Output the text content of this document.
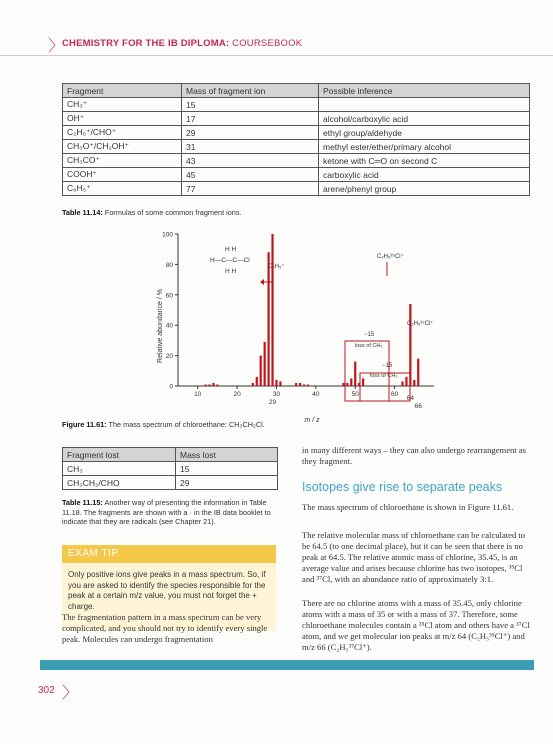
〉
CHEMISTRY FOR THE IB DIPLOMA: COURSEBOOK
Fragment	Mass of fragment ion	Possible inference
CH₃⁺	15	
OH⁺	17	alcohol/carboxylic acid
C₂H₅⁺/CHO⁺	29	ethyl group/aldehyde
CH₃O⁺/CH₂OH⁺	31	methyl ester/ether/primary alcohol
CH₃CO⁺	43	ketone with C═O on second C
COOH⁺	45	carboxylic acid
C₆H₅⁺	77	arene/phenyl group
Table 11.14: Formulas of some common fragment ions.
0
20
40
60
80
100
10	20	30	40	50	60
29
64
66
Relative abundance / %
m / z
H H
H—C—C—Cl
H H
C₂H₅⁺
C₂H₅³⁵Cl⁺
C₂H₅³⁷Cl⁺
−15
loss of CH₃
−15
loss of CH₃
Figure 11.61: The mass spectrum of chloroethane: CH₃CH₂Cl.
Fragment lost	Mass lost
CH₃	15
CH₃CH₂/CHO	29
Table 11.15: Another way of presenting the information in Table 11.18. The fragments are shown with a · in the IB data booklet to indicate that they are radicals (see Chapter 21).
EXAM TIP
Only positive ions give peaks in a mass spectrum. So, if you are asked to identify the species responsible for the peak at a certain m/z value, you must not forget the + charge.
The fragmentation pattern in a mass spectrum can be very complicated, and you should not try to identify every single peak. Molecules can undergo fragmentation
in many different ways – they can also undergo rearrangement as they fragment.
Isotopes give rise to separate peaks
The mass spectrum of chloroethane is shown in Figure 11.61.
The relative molecular mass of chloroethane can be calculated to be 64.5 (to one decimal place), but it can be seen that there is no peak at 64.5. The relative atomic mass of chlorine, 35.45, is an average value and arises because chlorine has two isotopes, ³⁵Cl and ³⁷Cl, with an abundance ratio of approximately 3:1.
There are no chlorine atoms with a mass of 35.45, only chlorine atoms with a mass of 35 or with a mass of 37. Therefore, some chloroethane molecules contain a ³⁵Cl atom and others have a ³⁷Cl atom, and we get molecular ion peaks at m/z 64 (C₂H₅³⁵Cl⁺) and m/z 66 (C₂H₅³⁷Cl⁺).
302 〉
